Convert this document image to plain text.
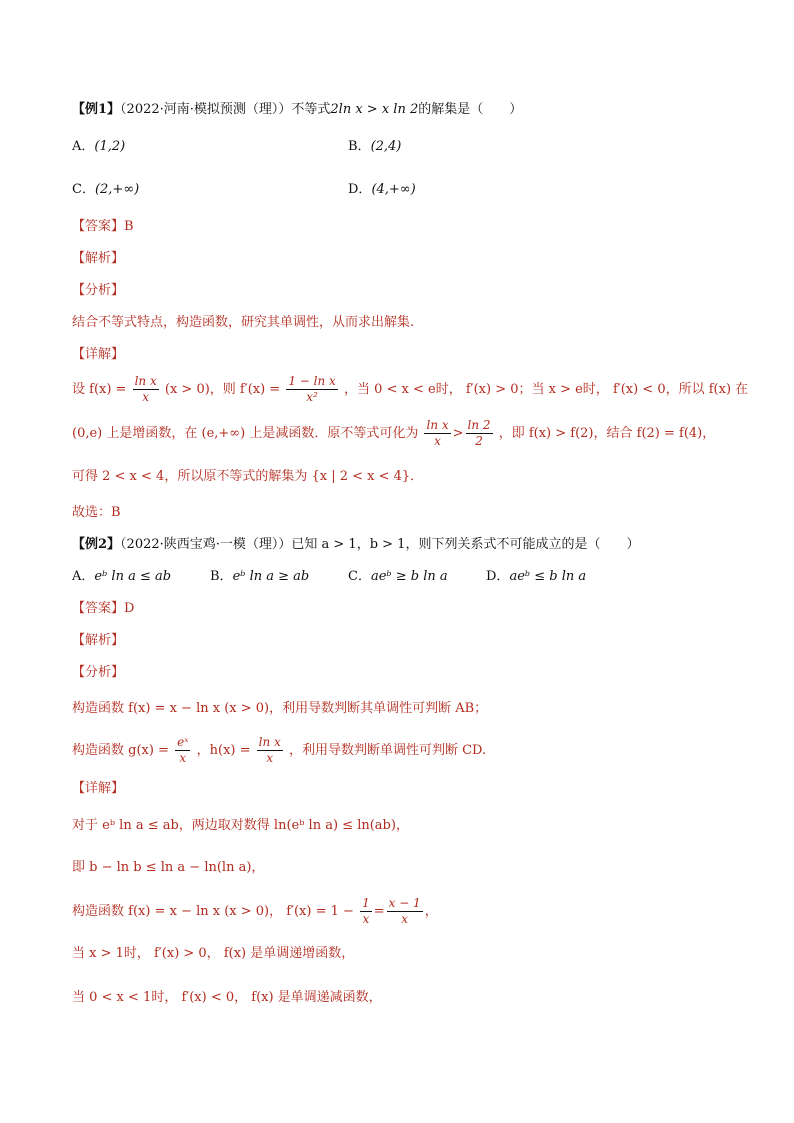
【例1】（2022·河南·模拟预测（理））不等式2ln x > x ln 2的解集是（　　）
A．(1,2)	B．(2,4)
C．(2,+∞)	D．(4,+∞)
【答案】B
【解析】
【分析】
结合不等式特点，构造函数，研究其单调性，从而求出解集.
【详解】
设 $f(x) = \frac{\text{ln x}}{x} (x > 0)$，则 $f'(x) = \frac{\text{1 − ln x}}{\text{x²}}$ ，当 0 < x < e时， f′(x) > 0；当 x > e时， f′(x) < 0，所以 f(x) 在
(0,e) 上是增函数，在 (e,+∞) 上是减函数．原不等式可化为 $\frac{\text{ln x}}{x} > \frac{\ln 2}{2}$ ，即 f(x) > f(2)，结合 f(2) = f(4)，
可得 2 < x < 4，所以原不等式的解集为 {x | 2 < x < 4}．
故选：B
【例2】（2022·陕西宝鸡·一模（理））已知 a > 1，b > 1，则下列关系式不可能成立的是（　　）
A．eᵇ ln a ≤ ab	B．eᵇ ln a ≥ ab	C．aeᵇ ≥ b ln a	D．aeᵇ ≤ b ln a
【答案】D
【解析】
【分析】
构造函数 f(x) = x − ln x (x > 0)，利用导数判断其单调性可判断 AB；
构造函数 $g(x) = \frac{\text{eˣ}}{x}$ ，$h(x) = \frac{\text{ln x}}{x}$ ，利用导数判断单调性可判断 CD.
【详解】
对于 eᵇ ln a ≤ ab，两边取对数得 ln(eᵇ ln a) ≤ ln(ab)，
即 b − ln b ≤ ln a − ln(ln a)，
构造函数 f(x) = x − ln x (x > 0)， $f'(x) = 1 - \frac{1}{x} = \frac{x - 1}{x}$ ，
当 x > 1时， f′(x) > 0， f(x) 是单调递增函数，
当 0 < x < 1时， f′(x) < 0， f(x) 是单调递减函数，
